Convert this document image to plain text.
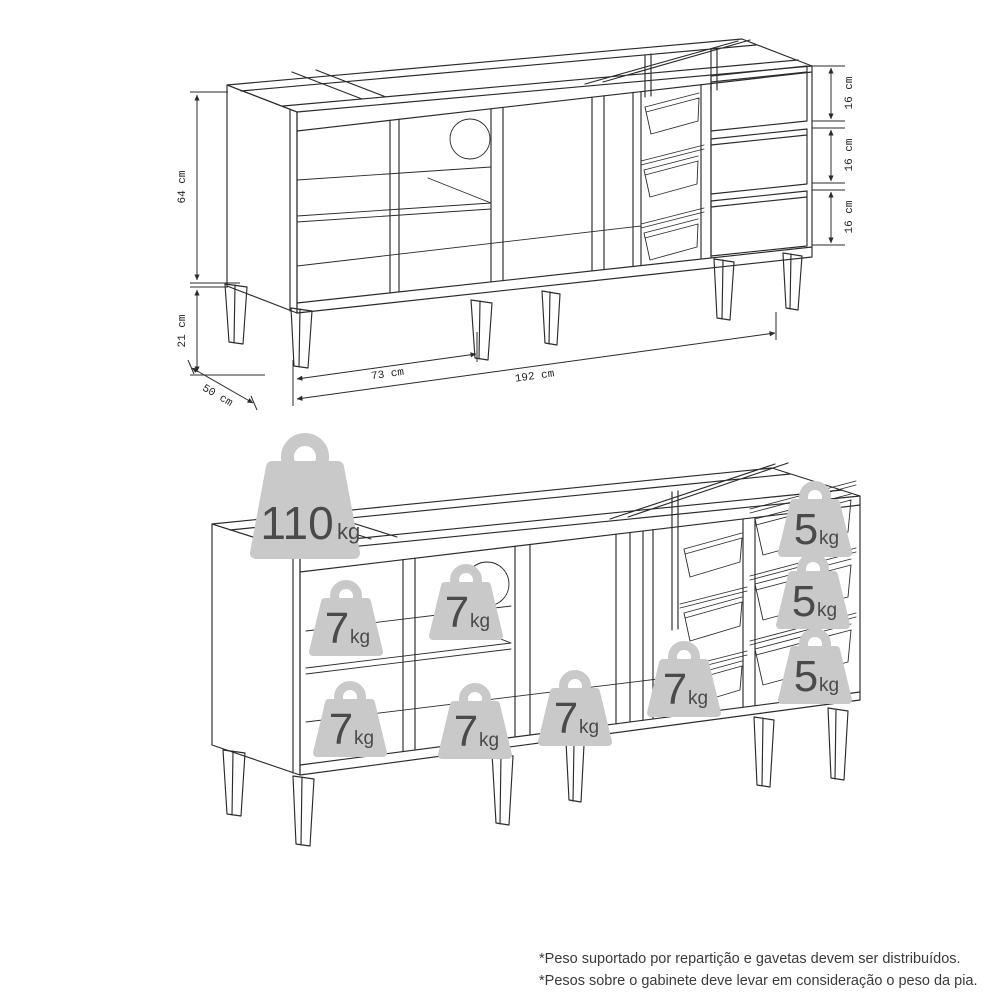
64 cm
21 cm
50 cm
73 cm	192 cm
16 cm
16 cm
16 cm
110 kg
7 kg
7 kg
7 kg
7 kg 7 kg
7 kg
5 kg
5 kg
5 kg
*Peso suportado por repartição e gavetas devem ser distribuídos.
*Pesos sobre o gabinete deve levar em consideração o peso da pia.
